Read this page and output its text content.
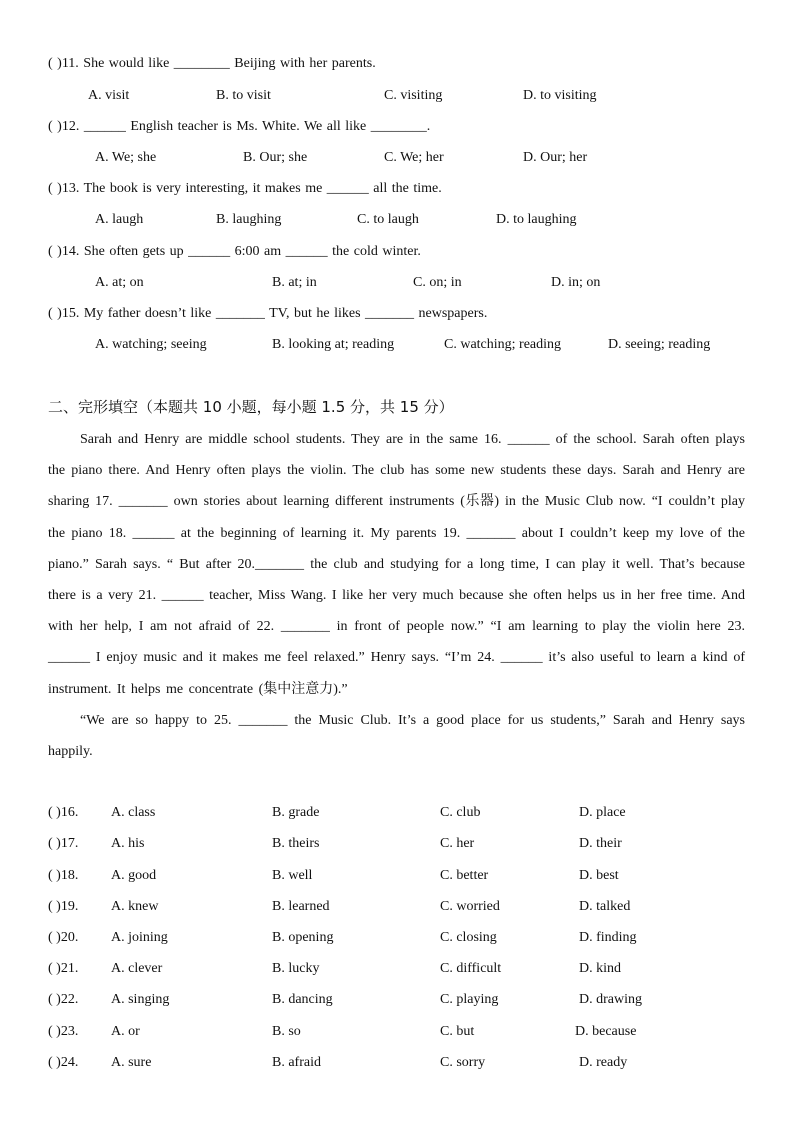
( )11. She would like ________ Beijing with her parents.
A. visit	B. to visit	C. visiting	D. to visiting
( )12. ______ English teacher is Ms. White. We all like ________.
A. We; she	B. Our; she	C. We; her	D. Our; her
( )13. The book is very interesting, it makes me ______ all the time.
A. laugh	B. laughing	C. to laugh	D. to laughing
( )14. She often gets up ______ 6:00 am ______ the cold winter.
A. at; on	B. at; in	C. on; in	D. in; on
( )15. My father doesn’t like _______ TV, but he likes _______ newspapers.
A. watching; seeing	B. looking at; reading	C. watching; reading	D. seeing; reading
二、完形填空（本题共 10 小题，每小题 1.5 分，共 15 分）

Sarah and Henry are middle school students. They are in the same 16. ______ of the school. Sarah often plays the piano there. And Henry often plays the violin. The club has some new students these days. Sarah and Henry are sharing 17. _______ own stories about learning different instruments (乐器) in the Music Club now. “I couldn’t play the piano 18. ______ at the beginning of learning it. My parents 19. _______ about I couldn’t keep my love of the piano.” Sarah says. “ But after 20._______ the club and studying for a long time, I can play it well. That’s because there is a very 21. ______ teacher, Miss Wang. I like her very much because she often helps us in her free time. And with her help, I am not afraid of 22. _______ in front of people now.” “I am learning to play the violin here 23. ______ I enjoy music and it makes me feel relaxed.” Henry says. “I’m 24. ______ it’s also useful to learn a kind of instrument. It helps me concentrate (集中注意力).”

“We are so happy to 25. _______ the Music Club. It’s a good place for us students,” Sarah and Henry says happily.

( )16. A. class	B. grade	C. club	D. place
( )17. A. his	B. theirs	C. her	D. their
( )18. A. good	B. well	C. better	D. best
( )19. A. knew	B. learned	C. worried	D. talked
( )20. A. joining	B. opening	C. closing	D. finding
( )21. A. clever	B. lucky	C. difficult	D. kind
( )22. A. singing	B. dancing	C. playing	D. drawing
( )23. A. or	B. so	C. but	D. because
( )24. A. sure	B. afraid	C. sorry	D. ready
